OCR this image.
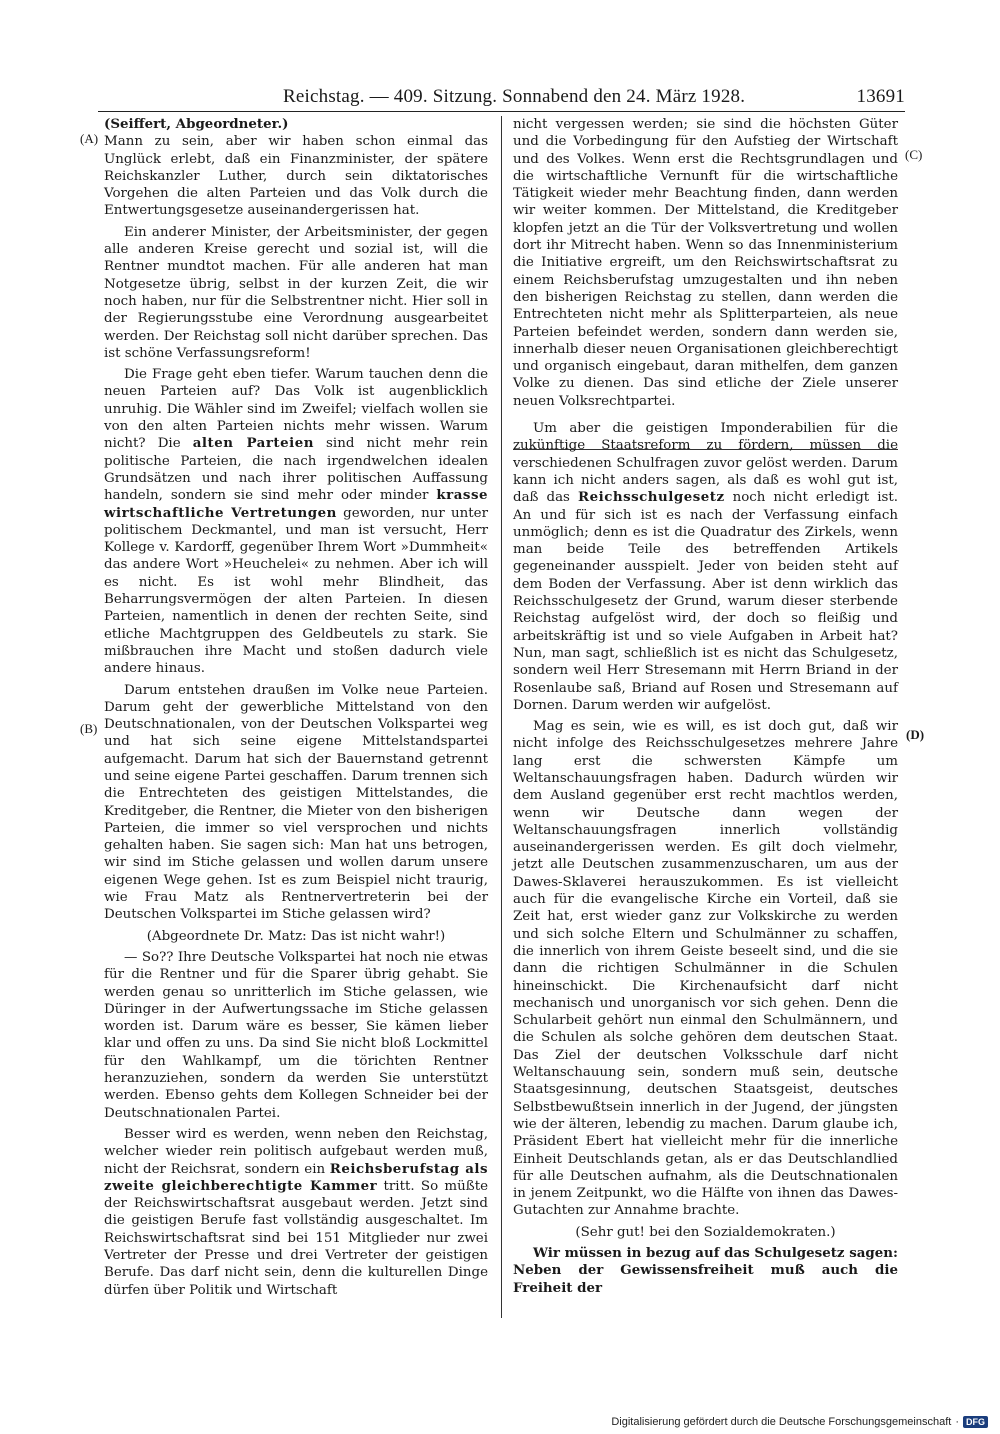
Reichstag. — 409. Sitzung. Sonnabend den 24. März 1928.	13691
(A)
(B)
(C)
(D)

(Seiffert, Abgeordneter.)

Mann zu sein, aber wir haben schon einmal das Unglück erlebt, daß ein Finanzminister, der spätere Reichskanzler Luther, durch sein diktatorisches Vorgehen die alten Parteien und das Volk durch die Entwertungsgesetze auseinandergerissen hat.

Ein anderer Minister, der Arbeitsminister, der gegen alle anderen Kreise gerecht und sozial ist, will die Rentner mundtot machen. Für alle anderen hat man Notgesetze übrig, selbst in der kurzen Zeit, die wir noch haben, nur für die Selbstrentner nicht. Hier soll in der Regierungsstube eine Verordnung ausgearbeitet werden. Der Reichstag soll nicht darüber sprechen. Das ist schöne Verfassungsreform!

Die Frage geht eben tiefer. Warum tauchen denn die neuen Parteien auf? Das Volk ist augenblicklich unruhig. Die Wähler sind im Zweifel; vielfach wollen sie von den alten Parteien nichts mehr wissen. Warum nicht? Die alten Parteien sind nicht mehr rein politische Parteien, die nach irgendwelchen idealen Grundsätzen und nach ihrer politischen Auffassung handeln, sondern sie sind mehr oder minder krasse wirtschaftliche Vertretungen geworden, nur unter politischem Deckmantel, und man ist versucht, Herr Kollege v. Kardorff, gegenüber Ihrem Wort »Dummheit« das andere Wort »Heuchelei« zu nehmen. Aber ich will es nicht. Es ist wohl mehr Blindheit, das Beharrungsvermögen der alten Parteien. In diesen Parteien, namentlich in denen der rechten Seite, sind etliche Machtgruppen des Geldbeutels zu stark. Sie mißbrauchen ihre Macht und stoßen dadurch viele andere hinaus.

Darum entstehen draußen im Volke neue Parteien. Darum geht der gewerbliche Mittelstand von den Deutschnationalen, von der Deutschen Volkspartei weg und hat sich seine eigene Mittelstandspartei aufgemacht. Darum hat sich der Bauernstand getrennt und seine eigene Partei geschaffen. Darum trennen sich die Entrechteten des geistigen Mittelstandes, die Kreditgeber, die Rentner, die Mieter von den bisherigen Parteien, die immer so viel versprochen und nichts gehalten haben. Sie sagen sich: Man hat uns betrogen, wir sind im Stiche gelassen und wollen darum unsere eigenen Wege gehen. Ist es zum Beispiel nicht traurig, wie Frau Matz als Rentnervertreterin bei der Deutschen Volkspartei im Stiche gelassen wird?

(Abgeordnete Dr. Matz: Das ist nicht wahr!)

— So?? Ihre Deutsche Volkspartei hat noch nie etwas für die Rentner und für die Sparer übrig gehabt. Sie werden genau so unritterlich im Stiche gelassen, wie Düringer in der Aufwertungssache im Stiche gelassen worden ist. Darum wäre es besser, Sie kämen lieber klar und offen zu uns. Da sind Sie nicht bloß Lockmittel für den Wahlkampf, um die törichten Rentner heranzuziehen, sondern da werden Sie unterstützt werden. Ebenso gehts dem Kollegen Schneider bei der Deutschnationalen Partei.

Besser wird es werden, wenn neben den Reichstag, welcher wieder rein politisch aufgebaut werden muß, nicht der Reichsrat, sondern ein Reichsberufstag als zweite gleichberechtigte Kammer tritt. So müßte der Reichswirtschaftsrat ausgebaut werden. Jetzt sind die geistigen Berufe fast vollständig ausgeschaltet. Im Reichswirtschaftsrat sind bei 151 Mitglieder nur zwei Vertreter der Presse und drei Vertreter der geistigen Berufe. Das darf nicht sein, denn die kulturellen Dinge dürfen über Politik und Wirtschaft

nicht vergessen werden; sie sind die höchsten Güter und die Vorbedingung für den Aufstieg der Wirtschaft und des Volkes. Wenn erst die Rechtsgrundlagen und die wirtschaftliche Vernunft für die wirtschaftliche Tätigkeit wieder mehr Beachtung finden, dann werden wir weiter kommen. Der Mittelstand, die Kreditgeber klopfen jetzt an die Tür der Volksvertretung und wollen dort ihr Mitrecht haben. Wenn so das Innenministerium die Initiative ergreift, um den Reichswirtschaftsrat zu einem Reichsberufstag umzugestalten und ihn neben den bisherigen Reichstag zu stellen, dann werden die Entrechteten nicht mehr als Splitterparteien, als neue Parteien befeindet werden, sondern dann werden sie, innerhalb dieser neuen Organisationen gleichberechtigt und organisch eingebaut, daran mithelfen, dem ganzen Volke zu dienen. Das sind etliche der Ziele unserer neuen Volksrechtpartei.

Um aber die geistigen Imponderabilien für die zukünftige Staatsreform zu fördern, müssen die verschiedenen Schulfragen zuvor gelöst werden. Darum kann ich nicht anders sagen, als daß es wohl gut ist, daß das Reichsschulgesetz noch nicht erledigt ist. An und für sich ist es nach der Verfassung einfach unmöglich; denn es ist die Quadratur des Zirkels, wenn man beide Teile des betreffenden Artikels gegeneinander ausspielt. Jeder von beiden steht auf dem Boden der Verfassung. Aber ist denn wirklich das Reichsschulgesetz der Grund, warum dieser sterbende Reichstag aufgelöst wird, der doch so fleißig und arbeitskräftig ist und so viele Aufgaben in Arbeit hat? Nun, man sagt, schließlich ist es nicht das Schulgesetz, sondern weil Herr Stresemann mit Herrn Briand in der Rosenlaube saß, Briand auf Rosen und Stresemann auf Dornen. Darum werden wir aufgelöst.

Mag es sein, wie es will, es ist doch gut, daß wir nicht infolge des Reichsschulgesetzes mehrere Jahre lang erst die schwersten Kämpfe um Weltanschauungsfragen haben. Dadurch würden wir dem Ausland gegenüber erst recht machtlos werden, wenn wir Deutsche dann wegen der Weltanschauungsfragen innerlich vollständig auseinandergerissen werden. Es gilt doch vielmehr, jetzt alle Deutschen zusammenzuscharen, um aus der Dawes-Sklaverei herauszukommen. Es ist vielleicht auch für die evangelische Kirche ein Vorteil, daß sie Zeit hat, erst wieder ganz zur Volkskirche zu werden und sich solche Eltern und Schulmänner zu schaffen, die innerlich von ihrem Geiste beseelt sind, und die sie dann die richtigen Schulmänner in die Schulen hineinschickt. Die Kirchenaufsicht darf nicht mechanisch und unorganisch vor sich gehen. Denn die Schularbeit gehört nun einmal den Schulmännern, und die Schulen als solche gehören dem deutschen Staat. Das Ziel der deutschen Volksschule darf nicht Weltanschauung sein, sondern muß sein, deutsche Staatsgesinnung, deutschen Staatsgeist, deutsches Selbstbewußtsein innerlich in der Jugend, der jüngsten wie der älteren, lebendig zu machen. Darum glaube ich, Präsident Ebert hat vielleicht mehr für die innerliche Einheit Deutschlands getan, als er das Deutschlandlied für alle Deutschen aufnahm, als die Deutschnationalen in jenem Zeitpunkt, wo die Hälfte von ihnen das Dawes-Gutachten zur Annahme brachte.

(Sehr gut! bei den Sozialdemokraten.)

Wir müssen in bezug auf das Schulgesetz sagen: Neben der Gewissensfreiheit muß auch die Freiheit der

Digitalisierung gefördert durch die Deutsche Forschungsgemeinschaft · DFG
